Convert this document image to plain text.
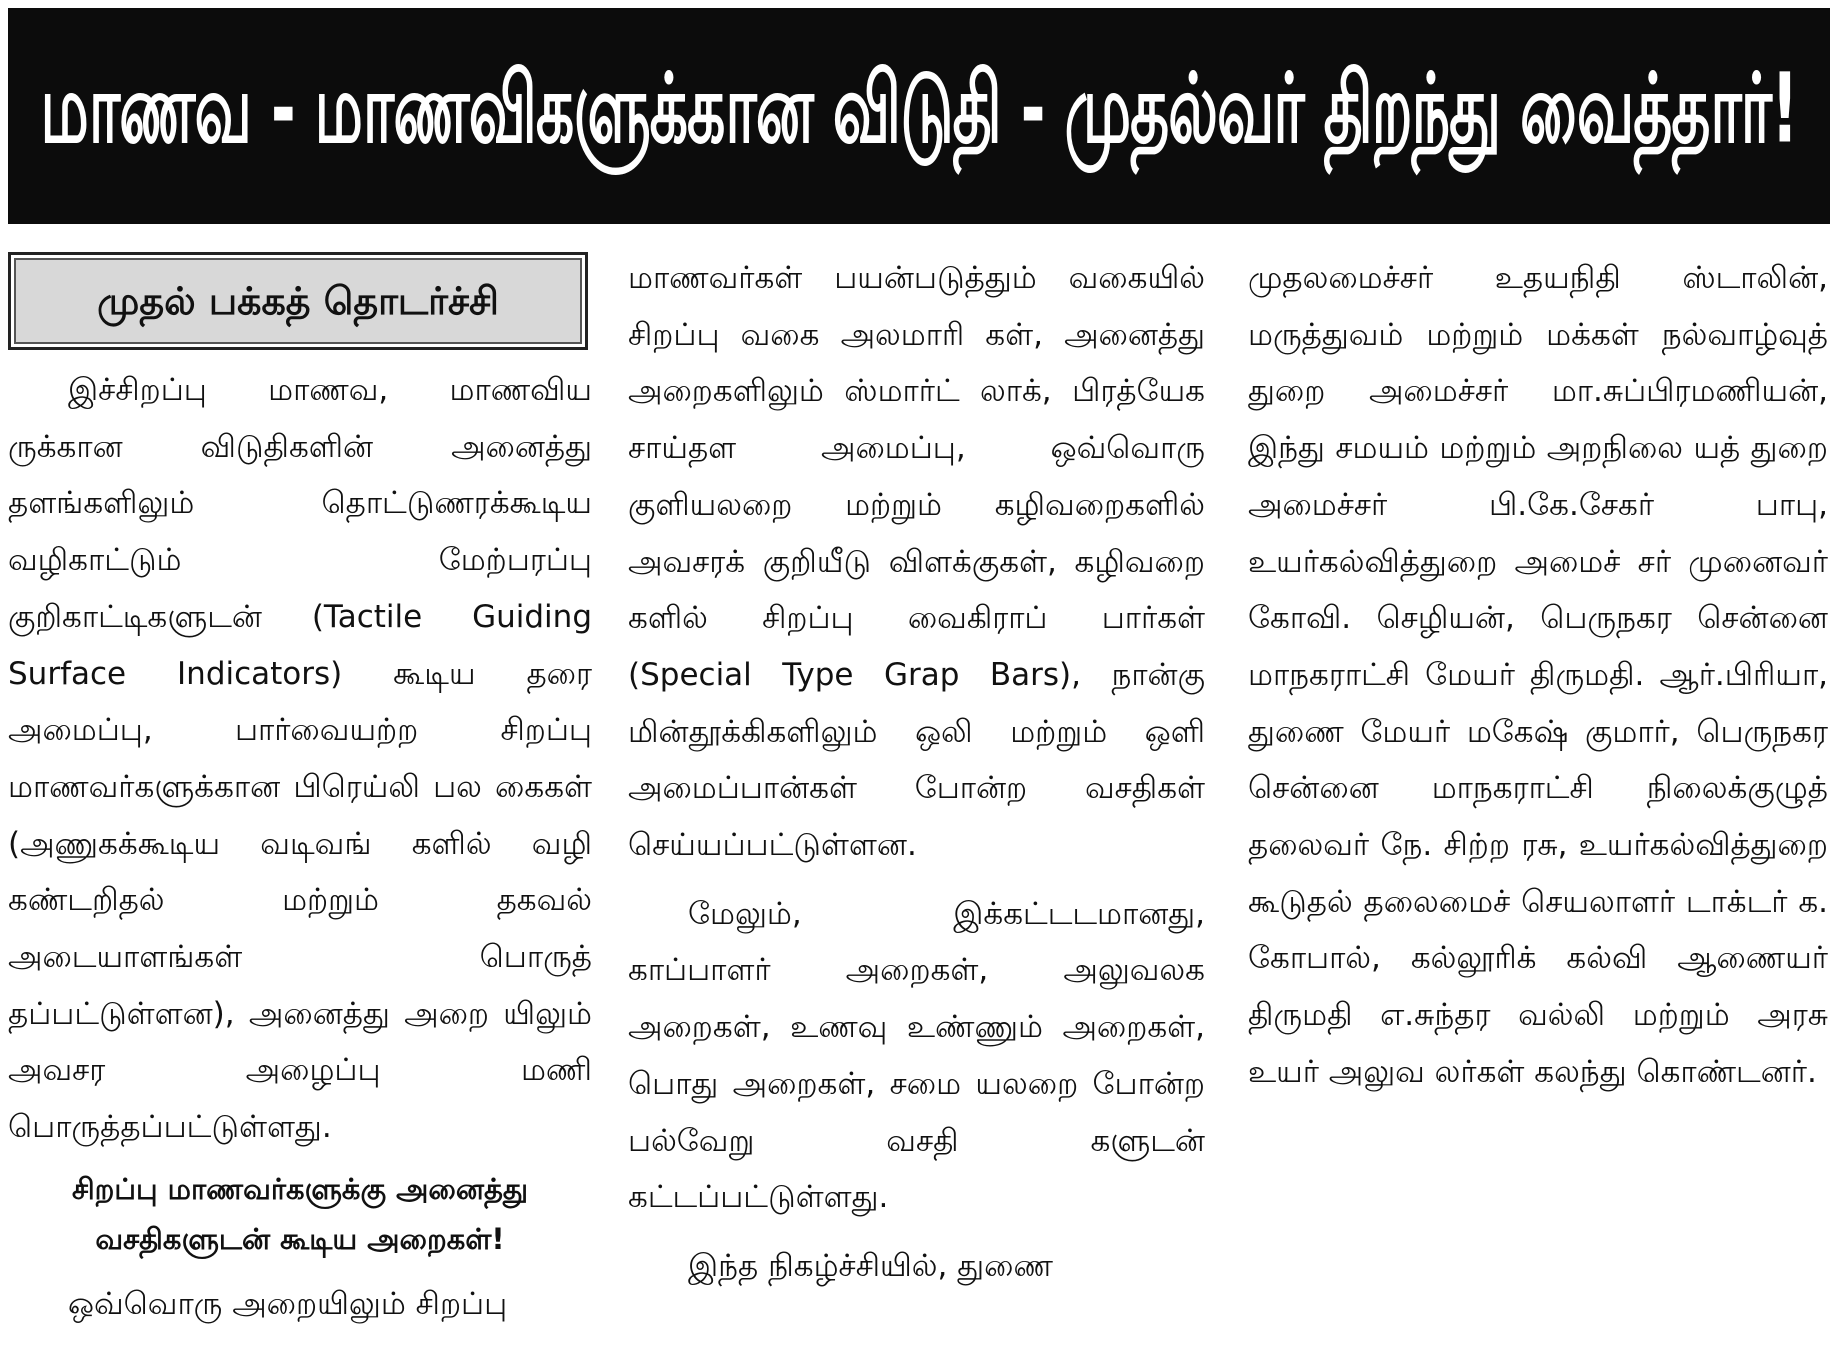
மாணவ - மாணவிகளுக்கான விடுதி - முதல்வர் திறந்து வைத்தார்!
முதல் பக்கத் தொடர்ச்சி

இச்சிறப்பு மாணவ, மாணவிய ருக்கான விடுதிகளின் அனைத்து தளங்களிலும் தொட்டுணரக்கூடிய வழிகாட்டும் மேற்பரப்பு குறிகாட்டிகளுடன் (Tactile Guiding Surface Indicators) கூடிய தரை அமைப்பு, பார்வையற்ற சிறப்பு மாணவர்களுக்கான பிரெய்லி பல கைகள் (அணுகக்கூடிய வடிவங் களில் வழி கண்டறிதல் மற்றும் தகவல் அடையாளங்கள் பொருத் தப்பட்டுள்ளன), அனைத்து அறை யிலும் அவசர அழைப்பு மணி பொருத்தப்பட்டுள்ளது.

சிறப்பு மாணவர்களுக்கு அனைத்து வசதிகளுடன் கூடிய அறைகள்!

ஒவ்வொரு அறையிலும் சிறப்பு

மாணவர்கள் பயன்படுத்தும் வகையில் சிறப்பு வகை அலமாரி கள், அனைத்து அறைகளிலும் ஸ்மார்ட் லாக், பிரத்யேக சாய்தள அமைப்பு, ஒவ்வொரு குளியலறை மற்றும் கழிவறைகளில் அவசரக் குறியீடு விளக்குகள், கழிவறை களில் சிறப்பு வைகிராப் பார்கள் (Special Type Grap Bars), நான்கு மின்தூக்கிகளிலும் ஒலி மற்றும் ஒளி அமைப்பான்கள் போன்ற வசதிகள் செய்யப்பட்டுள்ளன.

மேலும், இக்கட்டடமானது, காப்பாளர் அறைகள், அலுவலக அறைகள், உணவு உண்ணும் அறைகள், பொது அறைகள், சமை யலறை போன்ற பல்வேறு வசதி களுடன் கட்டப்பட்டுள்ளது.

இந்த நிகழ்ச்சியில், துணை

முதலமைச்சர் உதயநிதி ஸ்டாலின், மருத்துவம் மற்றும் மக்கள் நல்வாழ்வுத் துறை அமைச்சர் மா.சுப்பிரமணியன், இந்து சமயம் மற்றும் அறநிலை யத் துறை அமைச்சர் பி.கே.சேகர் பாபு, உயர்கல்வித்துறை அமைச் சர் முனைவர் கோவி. செழியன், பெருநகர சென்னை மாநகராட்சி மேயர் திருமதி. ஆர்.பிரியா, துணை மேயர் மகேஷ் குமார், பெருநகர சென்னை மாநகராட்சி நிலைக்குழுத் தலைவர் நே. சிற்ற ரசு, உயர்கல்வித்துறை கூடுதல் தலைமைச் செயலாளர் டாக்டர் க. கோபால், கல்லூரிக் கல்வி ஆணையர் திருமதி எ.சுந்தர வல்லி மற்றும் அரசு உயர் அலுவ லர்கள் கலந்து கொண்டனர்.
